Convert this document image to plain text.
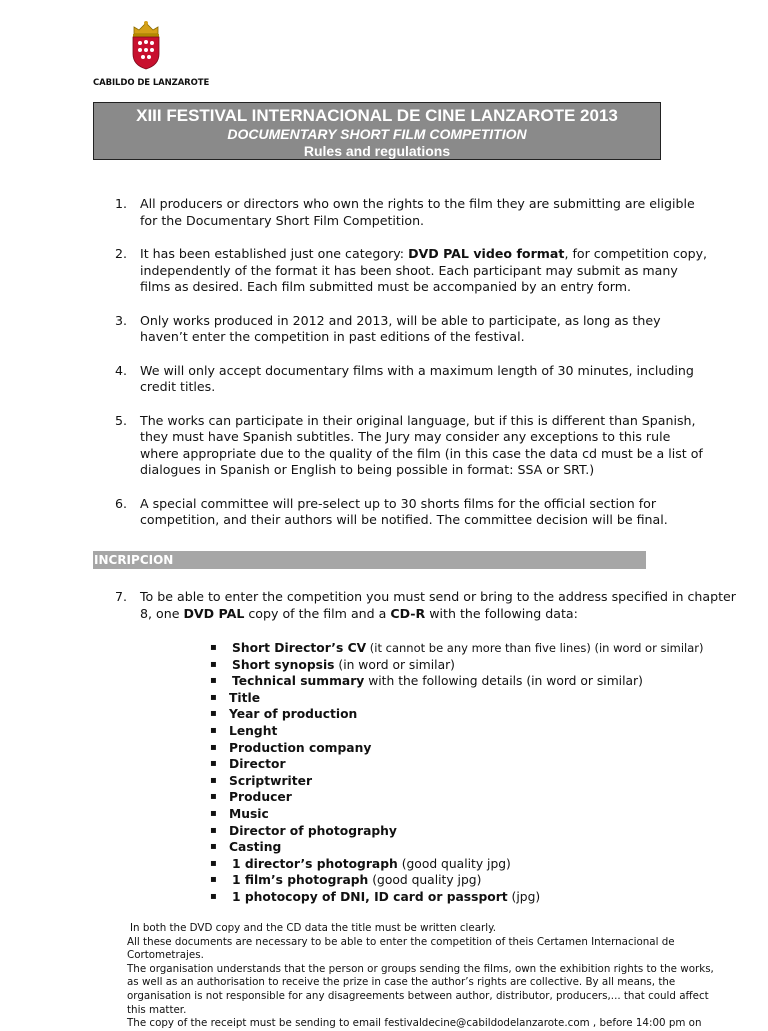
CABILDO DE LANZAROTE
XIII FESTIVAL INTERNACIONAL DE CINE LANZAROTE 2013
DOCUMENTARY SHORT FILM COMPETITION
Rules and regulations
1. All producers or directors who own the rights to the film they are submitting are eligible for the Documentary Short Film Competition.
2. It has been established just one category: DVD PAL video format, for competition copy, independently of the format it has been shoot. Each participant may submit as many films as desired. Each film submitted must be accompanied by an entry form.
3. Only works produced in 2012 and 2013, will be able to participate, as long as they haven’t enter the competition in past editions of the festival.
4. We will only accept documentary films with a maximum length of 30 minutes, including credit titles.
5. The works can participate in their original language, but if this is different than Spanish, they must have Spanish subtitles. The Jury may consider any exceptions to this rule where appropriate due to the quality of the film (in this case the data cd must be a list of dialogues in Spanish or English to being possible in format: SSA or SRT.)
6. A special committee will pre-select up to 30 shorts films for the official section for competition, and their authors will be notified. The committee decision will be final.
INCRIPCION
7. To be able to enter the competition you must send or bring to the address specified in chapter 8, one DVD PAL copy of the film and a CD-R with the following data:
▪ Short Director’s CV (it cannot be any more than five lines) (in word or similar)
▪ Short synopsis (in word or similar)
▪ Technical summary with the following details (in word or similar)
▪ Title
▪ Year of production
▪ Lenght
▪ Production company
▪ Director
▪ Scriptwriter
▪ Producer
▪ Music
▪ Director of photography
▪ Casting
▪ 1 director’s photograph (good quality jpg)
▪ 1 film’s photograph (good quality jpg)
▪ 1 photocopy of DNI, ID card or passport (jpg)

In both the DVD copy and the CD data the title must be written clearly.

All these documents are necessary to be able to enter the competition of theis Certamen Internacional de Cortometrajes.

The organisation understands that the person or groups sending the films, own the exhibition rights to the works, as well as an authorisation to receive the prize in case the author’s rights are collective. By all means, the organisation is not responsible for any disagreements between author, distributor, producers,... that could affect this matter.

The copy of the receipt must be sending to email festivaldecine@cabildodelanzarote.com , before 14:00 pm on
